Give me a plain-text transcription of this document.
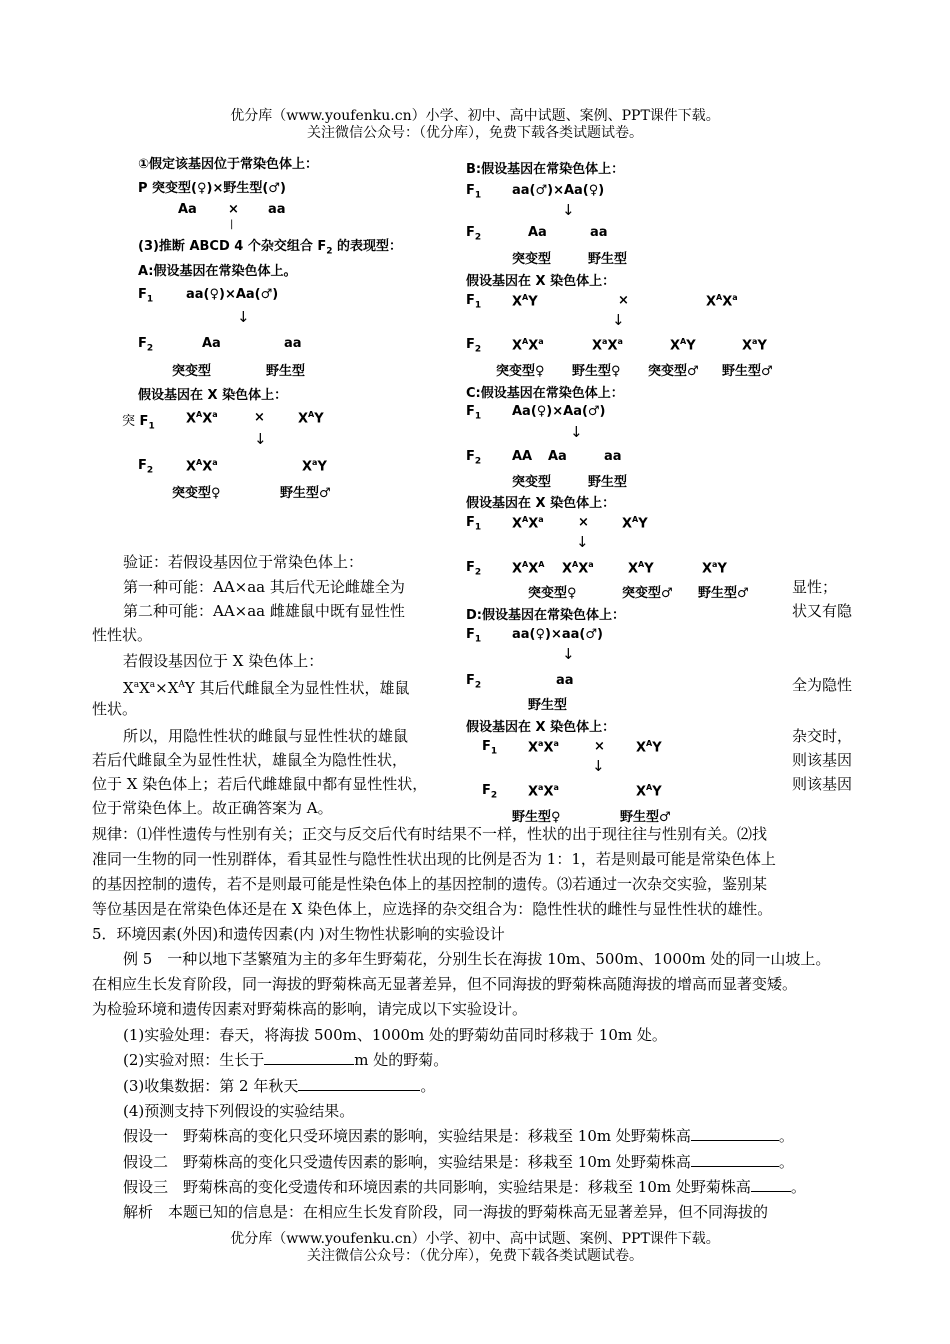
优分库（www.youfenku.cn）小学、初中、高中试题、案例、PPT课件下载。
关注微信公众号：（优分库），免费下载各类试题试卷。
①假定该基因位于常染色体上：
P 突变型(♀)×野生型(♂)
Aa × aa
|
(3)推断 ABCD 4 个杂交组合 $F_2$ 的表现型：
A:假设基因在常染色体上。
$F_1$	aa(♀)×Aa(♂)
↓
$F_2$	Aa	aa
突变型	野生型
假设基因在 X 染色体上：
突 $F_1$
$X^AX^a$	×	$X^AY$
↓
$F_2$	$X^AX^a$	$X^aY$
突变型♀	野生型♂
B:假设基因在常染色体上：
$F_1$ aa(♂)×Aa(♀)
↓
$F_2$	Aa	aa
突变型	野生型
假设基因在 X 染色体上：
$F_1$ $X^AY$	×	$X^AX^a$
↓
$F_2$ $X^AX^a$	$X^aX^a$	$X^AY$	$X^aY$
突变型♀ 野生型♀ 突变型♂ 野生型♂
C:假设基因在常染色体上：
$F_1$ Aa(♀)×Aa(♂)
↓
$F_2$ AA Aa	aa
突变型	野生型
假设基因在 X 染色体上：
$F_1$ $X^AX^a$	×	$X^AY$
↓
$F_2$ $X^AX^A$ $X^AX^a$	$X^AY$	$X^aY$
突变型♀	突变型♂ 野生型♂
D:假设基因在常染色体上：
$F_1$ aa(♀)×aa(♂)
↓
$F_2$	aa
野生型
假设基因在 X 染色体上：
$F_1$ $X^aX^a$	× $X^AY$
↓
$F_2$ $X^aX^a$	$X^AY$
野生型♀	野生型♂
验证：若假设基因位于常染色体上：
第一种可能：AA×aa 其后代无论雌雄全为	显性；
第二种可能：AA×aa 雌雄鼠中既有显性性	状又有隐
性性状。
若假设基因位于 X 染色体上：
$X^aX^a\times X^AY$ 其后代雌鼠全为显性性状，雄鼠	全为隐性
性状。
所以，用隐性性状的雌鼠与显性性状的雄鼠	杂交时，
若后代雌鼠全为显性性状，雄鼠全为隐性性状，	则该基因
位于 X 染色体上；若后代雌雄鼠中都有显性性状，	则该基因
位于常染色体上。故正确答案为 A。
规律：⑴伴性遗传与性别有关；正交与反交后代有时结果不一样，性状的出于现往往与性别有关。⑵找
准同一生物的同一性别群体，看其显性与隐性性状出现的比例是否为 1：1，若是则最可能是常染色体上
的基因控制的遗传，若不是则最可能是性染色体上的基因控制的遗传。⑶若通过一次杂交实验，鉴别某
等位基因是在常染色体还是在 X 染色体上，应选择的杂交组合为：隐性性状的雌性与显性性状的雄性。
5．环境因素(外因)和遗传因素(内 )对生物性状影响的实验设计
例 5　一种以地下茎繁殖为主的多年生野菊花，分别生长在海拔 10m、500m、1000m 处的同一山坡上。
在相应生长发育阶段，同一海拔的野菊株高无显著差异，但不同海拔的野菊株高随海拔的增高而显著变矮。
为检验环境和遗传因素对野菊株高的影响，请完成以下实验设计。
(1)实验处理：春天，将海拔 500m、1000m 处的野菊幼苗同时移栽于 10m 处。
(2)实验对照：生长于	m 处的野菊。
(3)收集数据：第 2 年秋天	。
(4)预测支持下列假设的实验结果。
假设一　野菊株高的变化只受环境因素的影响，实验结果是：移栽至 10m 处野菊株高	。
假设二　野菊株高的变化只受遗传因素的影响，实验结果是：移栽至 10m 处野菊株高	。
假设三　野菊株高的变化受遗传和环境因素的共同影响，实验结果是：移栽至 10m 处野菊株高	。
解析　本题已知的信息是：在相应生长发育阶段，同一海拔的野菊株高无显著差异，但不同海拔的
优分库（www.youfenku.cn）小学、初中、高中试题、案例、PPT课件下载。
关注微信公众号：（优分库），免费下载各类试题试卷。
